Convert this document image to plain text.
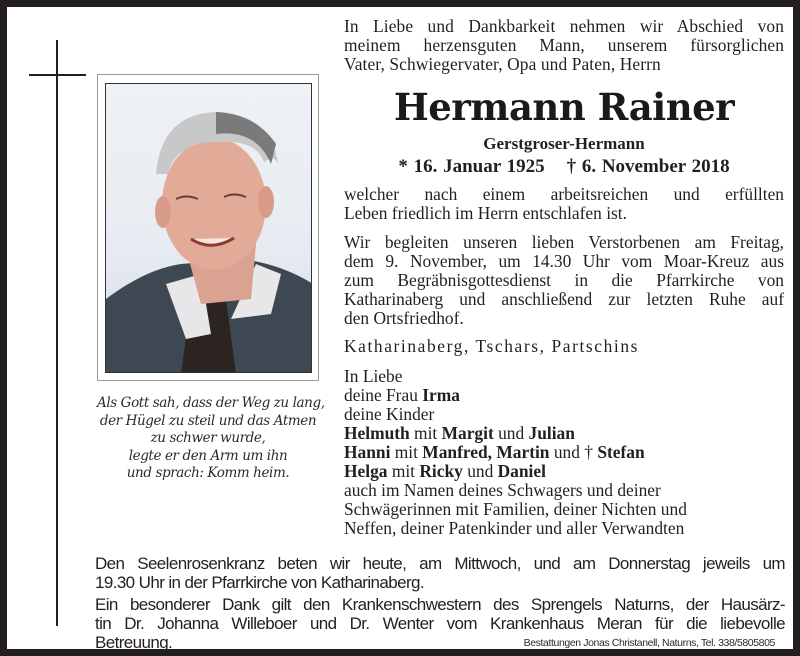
Als Gott sah, dass der Weg zu lang,
der Hügel zu steil und das Atmen
zu schwer wurde,
legte er den Arm um ihn
und sprach: Komm heim.
In Liebe und Dankbarkeit nehmen wir Abschied von
meinem herzensguten Mann, unserem fürsorglichen
Vater, Schwiegervater, Opa und Paten, Herrn
Hermann Rainer
Gerstgroser-Hermann
* 16. Januar 1925 † 6. November 2018
welcher nach einem arbeitsreichen und erfüllten
Leben friedlich im Herrn entschlafen ist.
Wir begleiten unseren lieben Verstorbenen am Freitag,
dem 9. November, um 14.30 Uhr vom Moar-Kreuz aus
zum Begräbnisgottesdienst in die Pfarrkirche von
Katharinaberg und anschließend zur letzten Ruhe auf
den Ortsfriedhof.
Katharinaberg, Tschars, Partschins
In Liebe
deine Frau Irma
deine Kinder
Helmuth mit Margit und Julian
Hanni mit Manfred, Martin und † Stefan
Helga mit Ricky und Daniel
auch im Namen deines Schwagers und deiner
Schwägerinnen mit Familien, deiner Nichten und
Neffen, deiner Patenkinder und aller Verwandten
Den Seelenrosenkranz beten wir heute, am Mittwoch, und am Donnerstag jeweils um
19.30 Uhr in der Pfarrkirche von Katharinaberg.
Ein besonderer Dank gilt den Krankenschwestern des Sprengels Naturns, der Hausärz-
tin Dr. Johanna Willeboer und Dr. Wenter vom Krankenhaus Meran für die liebevolle
Betreuung.	Bestattungen Jonas Christanell, Naturns, Tel. 338/5805805
